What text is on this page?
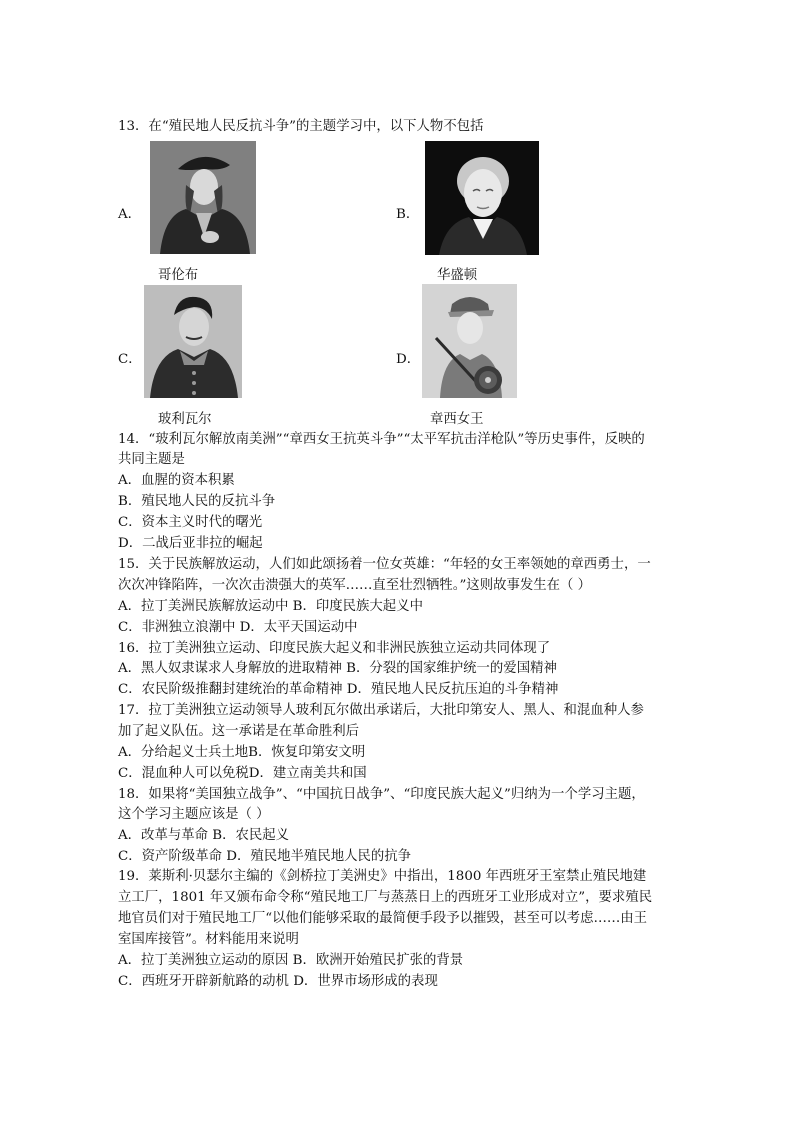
13．在“殖民地人民反抗斗争”的主题学习中，以下人物不包括
A．
哥伦布
B．
华盛顿
C．
玻利瓦尔
D．
章西女王
14．“玻利瓦尔解放南美洲”“章西女王抗英斗争”“太平军抗击洋枪队”等历史事件，反映的
共同主题是
A．血腥的资本积累
B．殖民地人民的反抗斗争
C．资本主义时代的曙光
D．二战后亚非拉的崛起
15．关于民族解放运动，人们如此颂扬着一位女英雄：“年轻的女王率领她的章西勇士，一
次次冲锋陷阵，一次次击溃强大的英军……直至壮烈牺牲。”这则故事发生在（ ）
A．拉丁美洲民族解放运动中 B．印度民族大起义中
C．非洲独立浪潮中 D．太平天国运动中
16．拉丁美洲独立运动、印度民族大起义和非洲民族独立运动共同体现了
A．黑人奴隶谋求人身解放的进取精神 B．分裂的国家维护统一的爱国精神
C．农民阶级推翻封建统治的革命精神 D．殖民地人民反抗压迫的斗争精神
17．拉丁美洲独立运动领导人玻利瓦尔做出承诺后，大批印第安人、黑人、和混血种人参
加了起义队伍。这一承诺是在革命胜利后
A．分给起义士兵土地B．恢复印第安文明
C．混血种人可以免税D．建立南美共和国
18．如果将“美国独立战争”、“中国抗日战争”、“印度民族大起义”归纳为一个学习主题，
这个学习主题应该是（ ）
A．改革与革命 B．农民起义
C．资产阶级革命 D．殖民地半殖民地人民的抗争
19．莱斯利·贝瑟尔主编的《剑桥拉丁美洲史》中指出，1800 年西班牙王室禁止殖民地建
立工厂，1801 年又颁布命令称“殖民地工厂与蒸蒸日上的西班牙工业形成对立”，要求殖民
地官员们对于殖民地工厂“以他们能够采取的最简便手段予以摧毁，甚至可以考虑……由王
室国库接管”。材料能用来说明
A．拉丁美洲独立运动的原因 B．欧洲开始殖民扩张的背景
C．西班牙开辟新航路的动机 D．世界市场形成的表现
